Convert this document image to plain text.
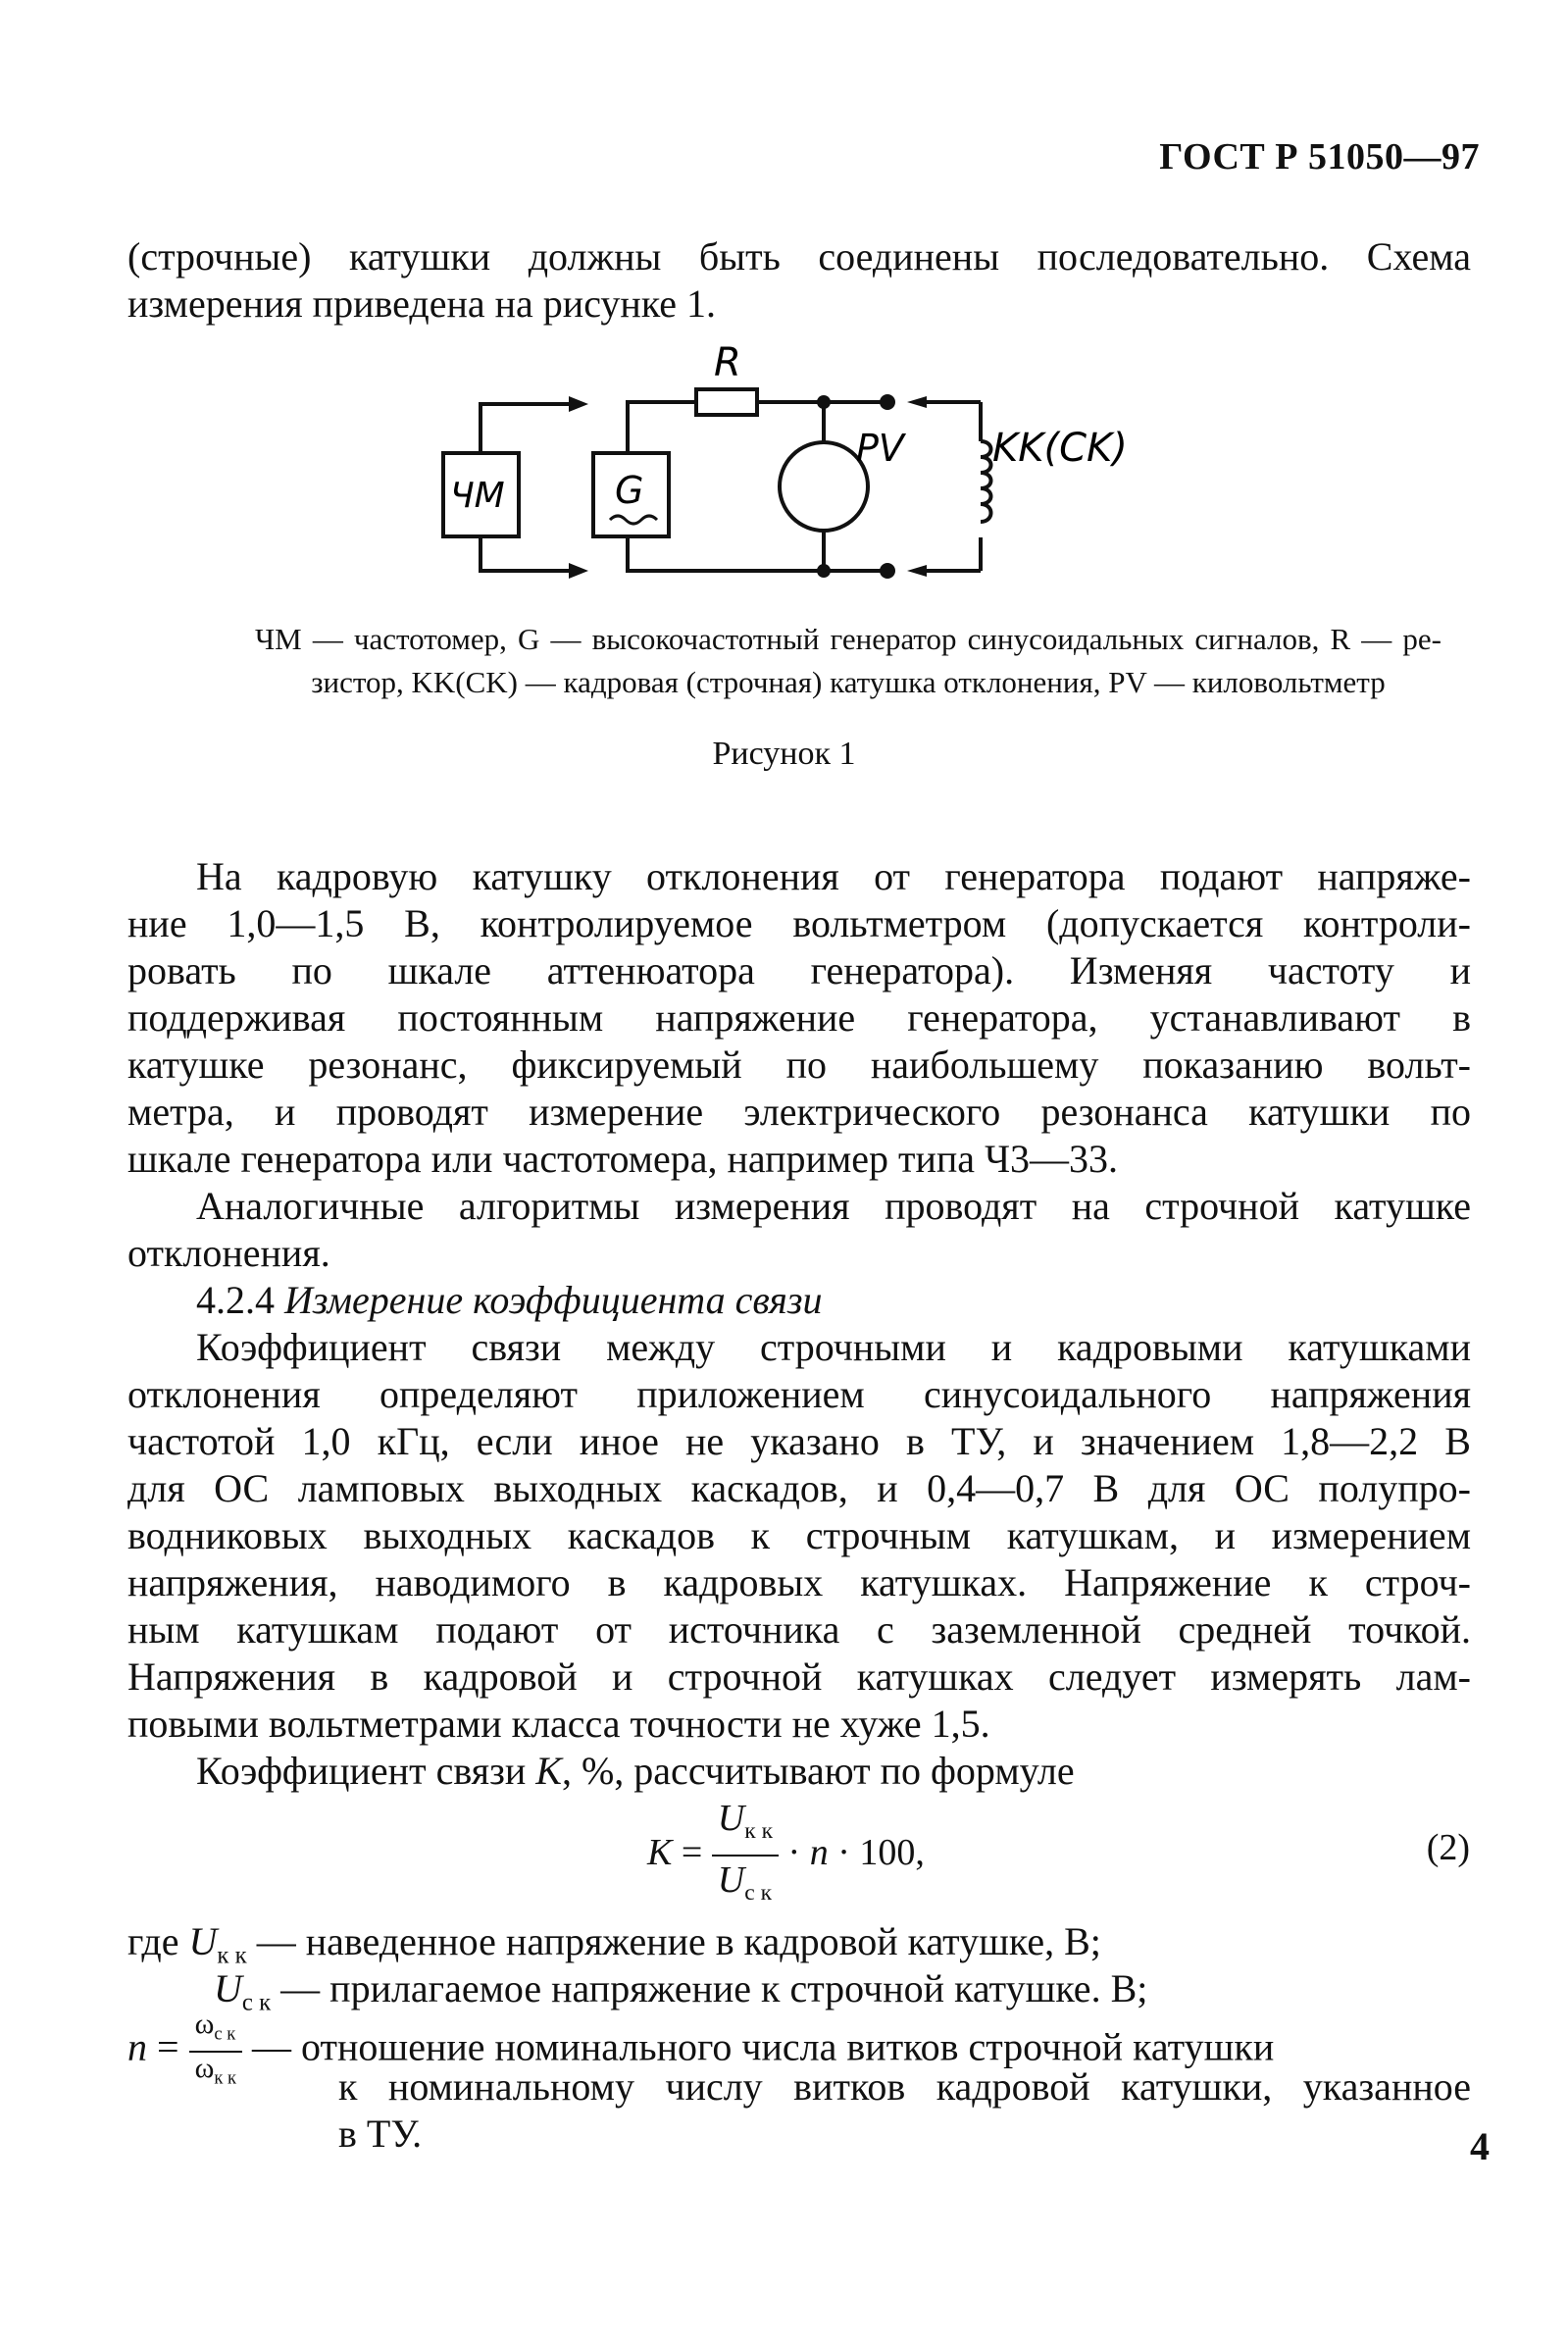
ГОСТ Р 51050—97
(строчные) катушки должны быть соединены последовательно. Схема
измерения приведена на рисунке 1.
R
ЧМ	G
PV KK(CK)
ЧМ — частотомер, G — высокочастотный генератор синусоидальных сигналов, R — ре-
зистор, KK(CK) — кадровая (строчная) катушка отклонения, PV — киловольтметр
Рисунок 1
На кадровую катушку отклонения от генератора подают напряже-
ние 1,0—1,5 В, контролируемое вольтметром (допускается контроли-
ровать по шкале аттенюатора генератора). Изменяя частоту и
поддерживая постоянным напряжение генератора, устанавливают в
катушке резонанс, фиксируемый по наибольшему показанию вольт-
метра, и проводят измерение электрического резонанса катушки по
шкале генератора или частотомера, например типа Ч3—33.
Аналогичные алгоритмы измерения проводят на строчной катушке
отклонения.
4.2.4 Измерение коэффициента связи
Коэффициент связи между строчными и кадровыми катушками
отклонения определяют приложением синусоидального напряжения
частотой 1,0 кГц, если иное не указано в ТУ, и значением 1,8—2,2 В
для ОС ламповых выходных каскадов, и 0,4—0,7 В для ОС полупро-
водниковых выходных каскадов к строчным катушкам, и измерением
напряжения, наводимого в кадровых катушках. Напряжение к строч-
ным катушкам подают от источника с заземленной средней точкой.
Напряжения в кадровой и строчной катушках следует измерять лам-
повыми вольтметрами класса точности не хуже 1,5.
Коэффициент связи K, %, рассчитывают по формуле
$K = \frac{U_{к к}}{U_{с к}} \cdot n \cdot 100$,	(2)
где $U_{к к}$ — наведенное напряжение в кадровой катушке, В;
$U_{с к}$ — прилагаемое напряжение к строчной катушке. В;
$n = \frac{\omega_{с к}}{\omega_{к к}}$ — отношение номинального числа витков строчной катушки
к номинальному числу витков кадровой катушки, указанное
в ТУ.	4
